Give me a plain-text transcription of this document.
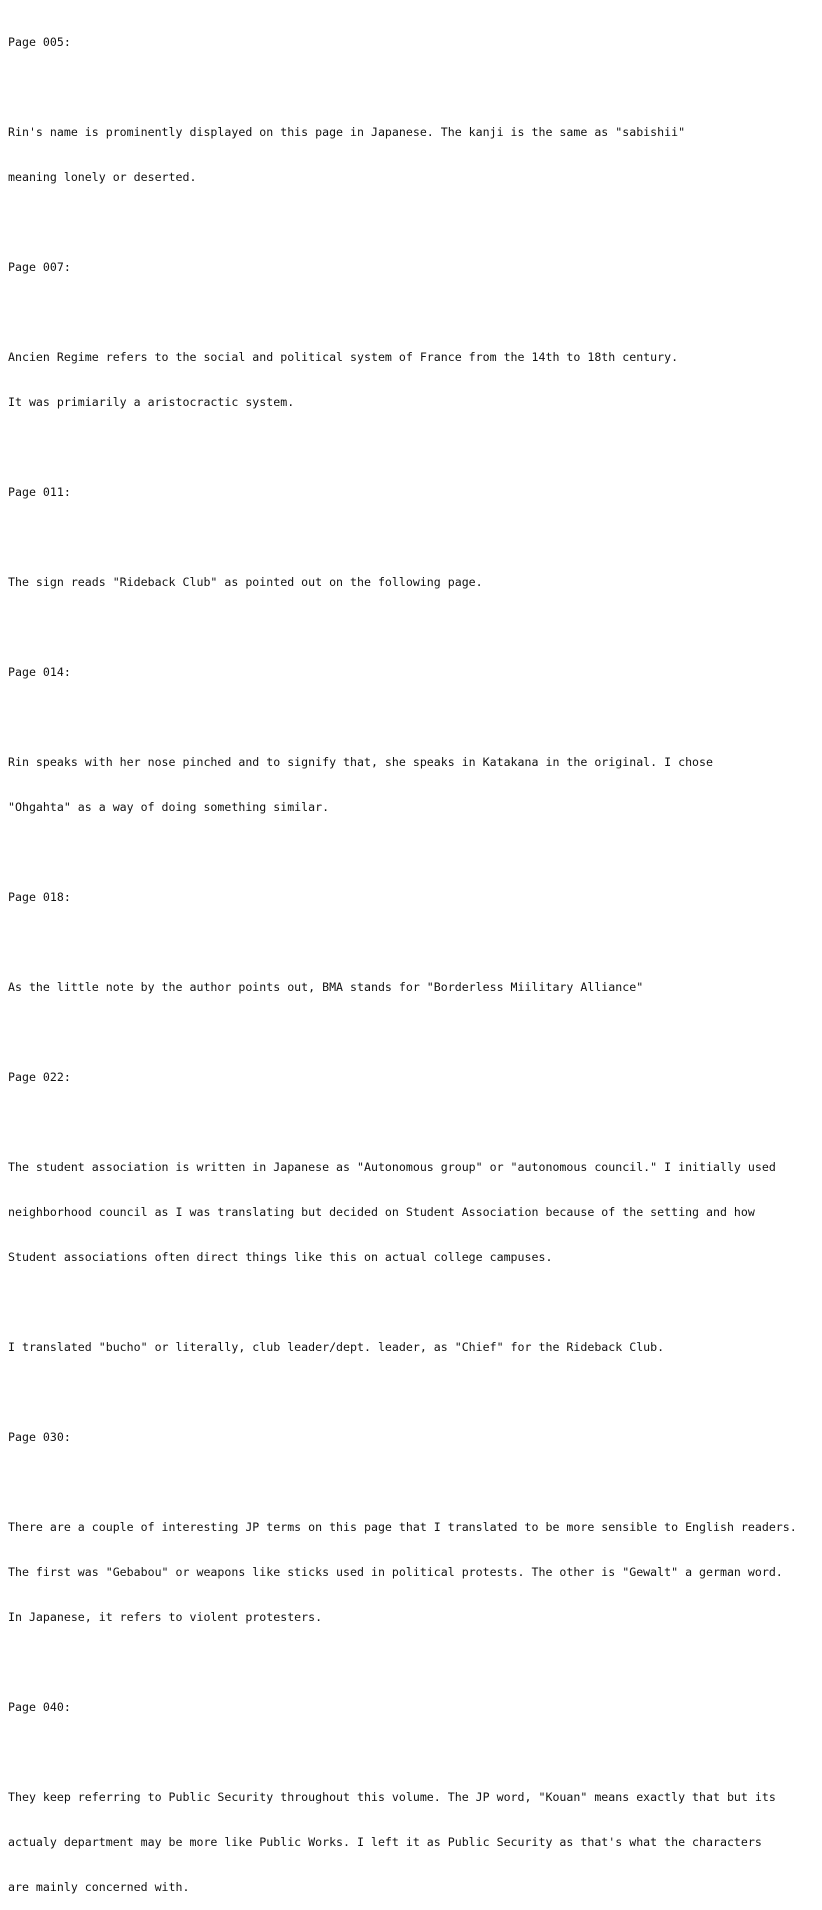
Page 005:

Rin's name is prominently displayed on this page in Japanese. The kanji is the same as "sabishii"

meaning lonely or deserted.

Page 007:

Ancien Regime refers to the social and political system of France from the 14th to 18th century.

It was primiarily a aristocractic system.

Page 011:

The sign reads "Rideback Club" as pointed out on the following page.

Page 014:

Rin speaks with her nose pinched and to signify that, she speaks in Katakana in the original. I chose

"Ohgahta" as a way of doing something similar.

Page 018:

As the little note by the author points out, BMA stands for "Borderless Miilitary Alliance"

Page 022:

The student association is written in Japanese as "Autonomous group" or "autonomous council." I initially used

neighborhood council as I was translating but decided on Student Association because of the setting and how

Student associations often direct things like this on actual college campuses.

I translated "bucho" or literally, club leader/dept. leader, as "Chief" for the Rideback Club.

Page 030:

There are a couple of interesting JP terms on this page that I translated to be more sensible to English readers.

The first was "Gebabou" or weapons like sticks used in political protests. The other is "Gewalt" a german word.

In Japanese, it refers to violent protesters.

Page 040:

They keep referring to Public Security throughout this volume. The JP word, "Kouan" means exactly that but its

actualy department may be more like Public Works. I left it as Public Security as that's what the characters

are mainly concerned with.
